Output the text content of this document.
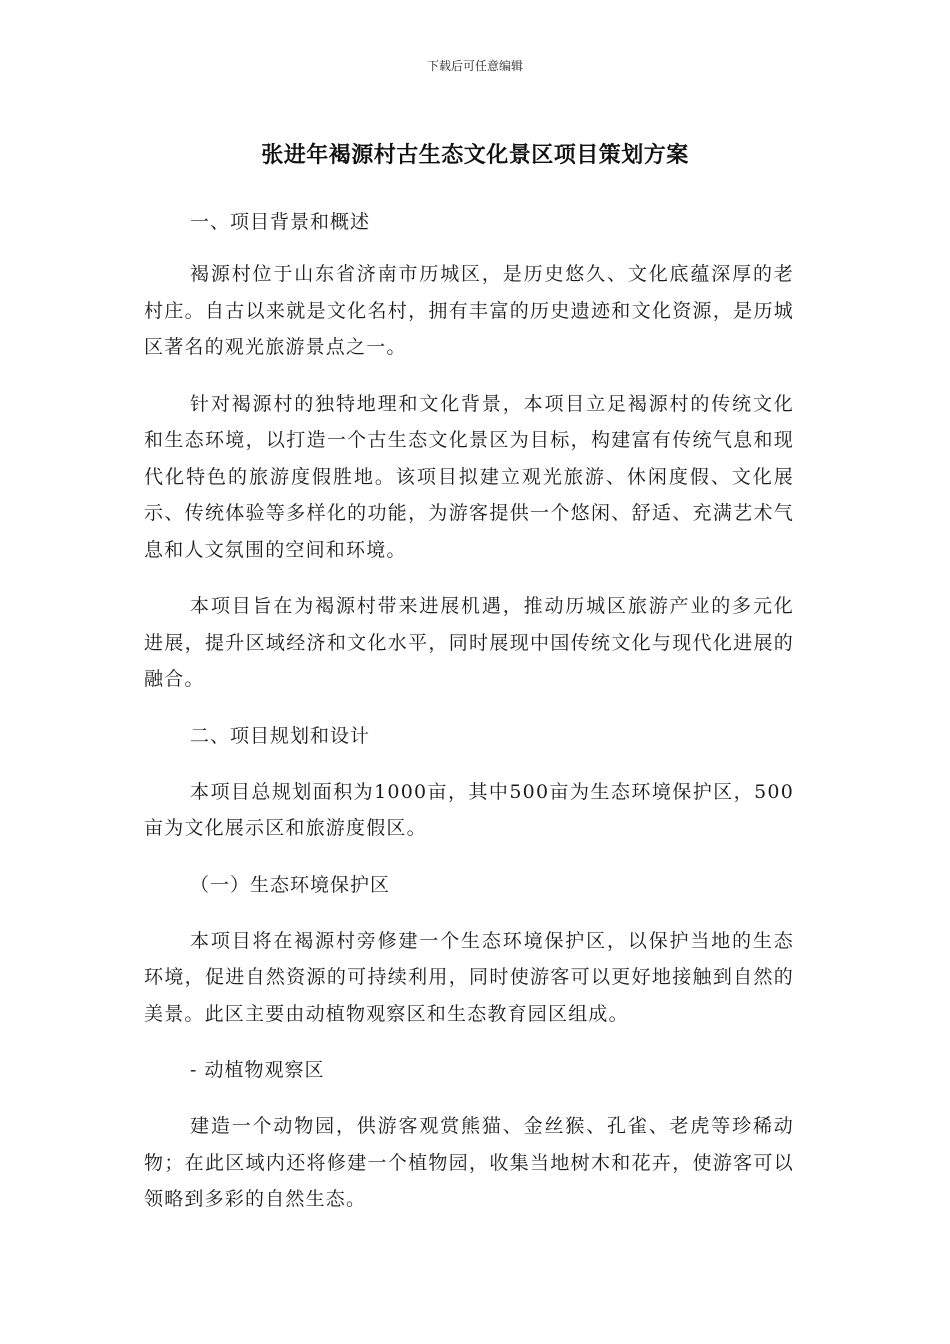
下载后可任意编辑
张进年褐源村古生态文化景区项目策划方案

一、项目背景和概述

褐源村位于山东省济南市历城区，是历史悠久、文化底蕴深厚的老村庄。自古以来就是文化名村，拥有丰富的历史遗迹和文化资源，是历城区著名的观光旅游景点之一。

针对褐源村的独特地理和文化背景，本项目立足褐源村的传统文化和生态环境，以打造一个古生态文化景区为目标，构建富有传统气息和现代化特色的旅游度假胜地。该项目拟建立观光旅游、休闲度假、文化展示、传统体验等多样化的功能，为游客提供一个悠闲、舒适、充满艺术气息和人文氛围的空间和环境。

本项目旨在为褐源村带来进展机遇，推动历城区旅游产业的多元化进展，提升区域经济和文化水平，同时展现中国传统文化与现代化进展的融合。

二、项目规划和设计

本项目总规划面积为1000亩，其中500亩为生态环境保护区，500亩为文化展示区和旅游度假区。

（一）生态环境保护区

本项目将在褐源村旁修建一个生态环境保护区，以保护当地的生态环境，促进自然资源的可持续利用，同时使游客可以更好地接触到自然的美景。此区主要由动植物观察区和生态教育园区组成。

- 动植物观察区

建造一个动物园，供游客观赏熊猫、金丝猴、孔雀、老虎等珍稀动物；在此区域内还将修建一个植物园，收集当地树木和花卉，使游客可以领略到多彩的自然生态。
